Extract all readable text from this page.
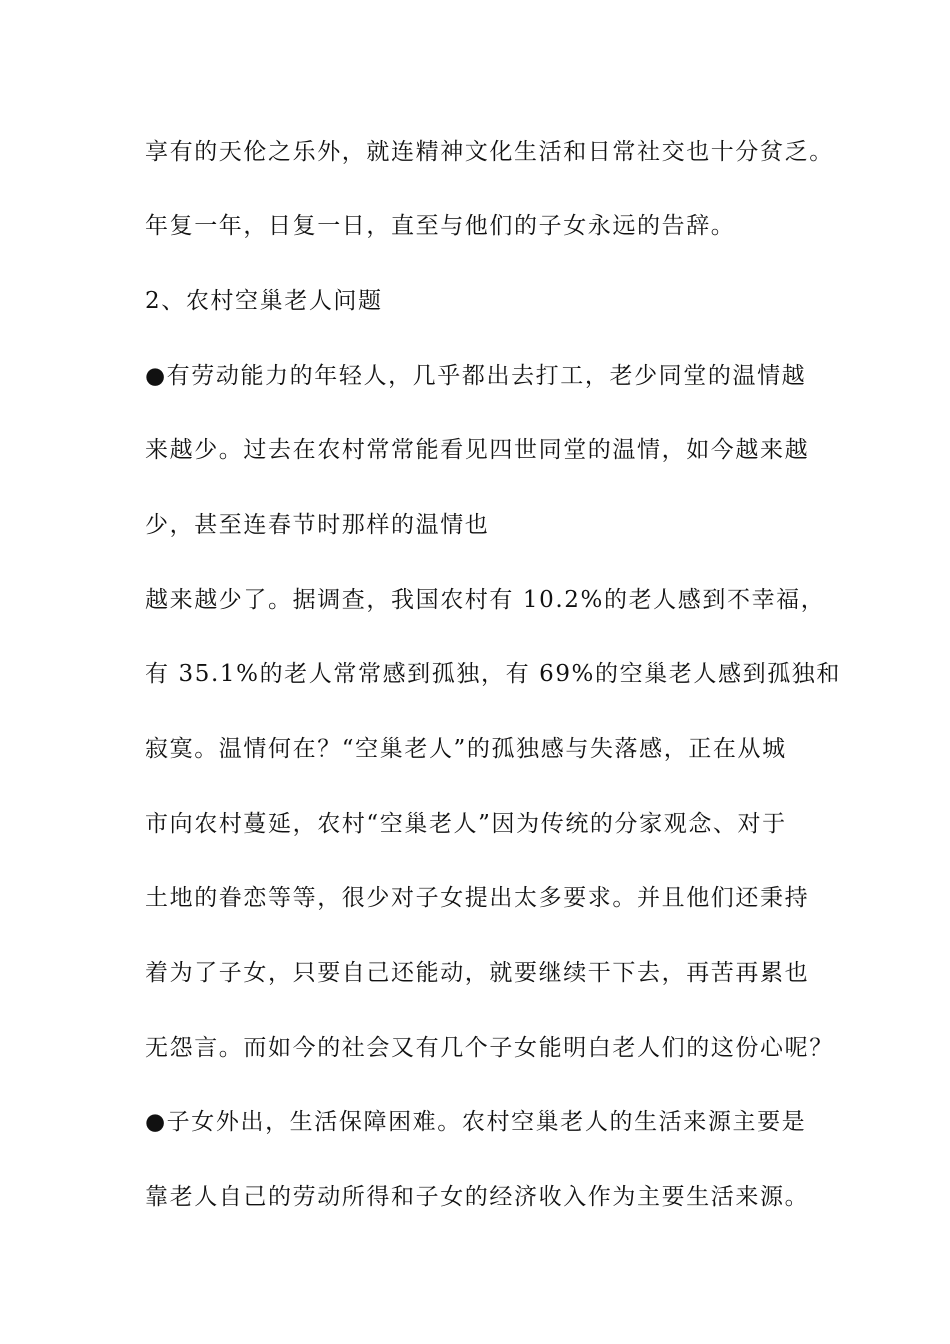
享有的天伦之乐外，就连精神文化生活和日常社交也十分贫乏。
年复一年，日复一日，直至与他们的子女永远的告辞。
2、农村空巢老人问题
●有劳动能力的年轻人，几乎都出去打工，老少同堂的温情越
来越少。过去在农村常常能看见四世同堂的温情，如今越来越
少，甚至连春节时那样的温情也
越来越少了。据调查，我国农村有 10.2%的老人感到不幸福，
有 35.1%的老人常常感到孤独，有 69%的空巢老人感到孤独和
寂寞。温情何在？“空巢老人”的孤独感与失落感，正在从城
市向农村蔓延，农村“空巢老人”因为传统的分家观念、对于
土地的眷恋等等，很少对子女提出太多要求。并且他们还秉持
着为了子女，只要自己还能动，就要继续干下去，再苦再累也
无怨言。而如今的社会又有几个子女能明白老人们的这份心呢？
●子女外出，生活保障困难。农村空巢老人的生活来源主要是
靠老人自己的劳动所得和子女的经济收入作为主要生活来源。
